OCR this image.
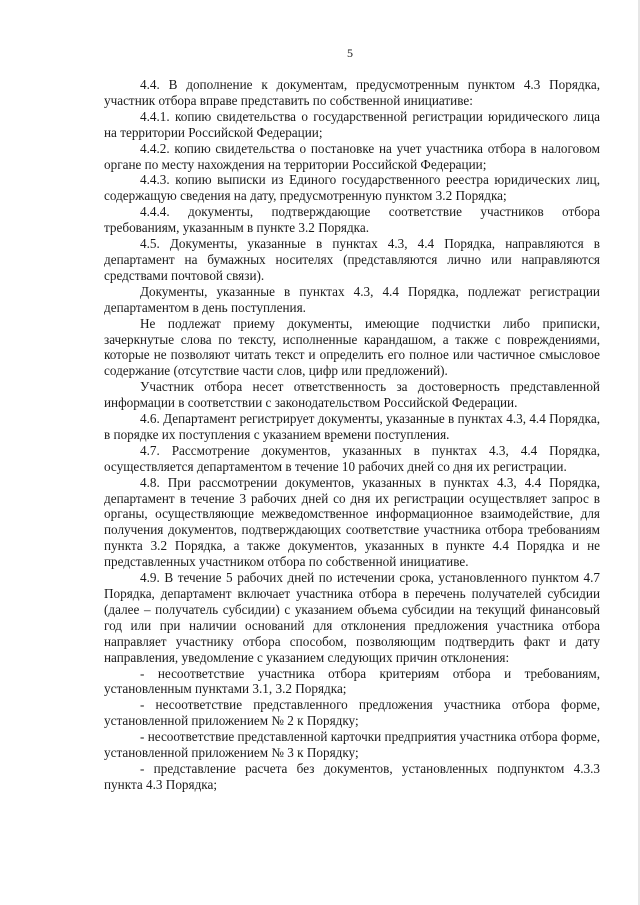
5

4.4. В дополнение к документам, предусмотренным пунктом 4.3 Порядка, участник отбора вправе представить по собственной инициативе:

4.4.1. копию свидетельства о государственной регистрации юридического лица на территории Российской Федерации;

4.4.2. копию свидетельства о постановке на учет участника отбора в налоговом органе по месту нахождения на территории Российской Федерации;

4.4.3. копию выписки из Единого государственного реестра юридических лиц, содержащую сведения на дату, предусмотренную пунктом 3.2 Порядка;

4.4.4. документы, подтверждающие соответствие участников отбора требованиям, указанным в пункте 3.2 Порядка.

4.5. Документы, указанные в пунктах 4.3, 4.4 Порядка, направляются в департамент на бумажных носителях (представляются лично или направляются средствами почтовой связи).

Документы, указанные в пунктах 4.3, 4.4 Порядка, подлежат регистрации департаментом в день поступления.

Не подлежат приему документы, имеющие подчистки либо приписки, зачеркнутые слова по тексту, исполненные карандашом, а также с повреждениями, которые не позволяют читать текст и определить его полное или частичное смысловое содержание (отсутствие части слов, цифр или предложений).

Участник отбора несет ответственность за достоверность представленной информации в соответствии с законодательством Российской Федерации.

4.6. Департамент регистрирует документы, указанные в пунктах 4.3, 4.4 Порядка, в порядке их поступления с указанием времени поступления.

4.7. Рассмотрение документов, указанных в пунктах 4.3, 4.4 Порядка, осуществляется департаментом в течение 10 рабочих дней со дня их регистрации.

4.8. При рассмотрении документов, указанных в пунктах 4.3, 4.4 Порядка, департамент в течение 3 рабочих дней со дня их регистрации осуществляет запрос в органы, осуществляющие межведомственное информационное взаимодействие, для получения документов, подтверждающих соответствие участника отбора требованиям пункта 3.2 Порядка, а также документов, указанных в пункте 4.4 Порядка и не представленных участником отбора по собственной инициативе.

4.9. В течение 5 рабочих дней по истечении срока, установленного пунктом 4.7 Порядка, департамент включает участника отбора в перечень получателей субсидии (далее – получатель субсидии) с указанием объема субсидии на текущий финансовый год или при наличии оснований для отклонения предложения участника отбора направляет участнику отбора способом, позволяющим подтвердить факт и дату направления, уведомление с указанием следующих причин отклонения:

- несоответствие участника отбора критериям отбора и требованиям, установленным пунктами 3.1, 3.2 Порядка;

- несоответствие представленного предложения участника отбора форме, установленной приложением № 2 к Порядку;

- несоответствие представленной карточки предприятия участника отбора форме, установленной приложением № 3 к Порядку;

- представление расчета без документов, установленных подпунктом 4.3.3 пункта 4.3 Порядка;
